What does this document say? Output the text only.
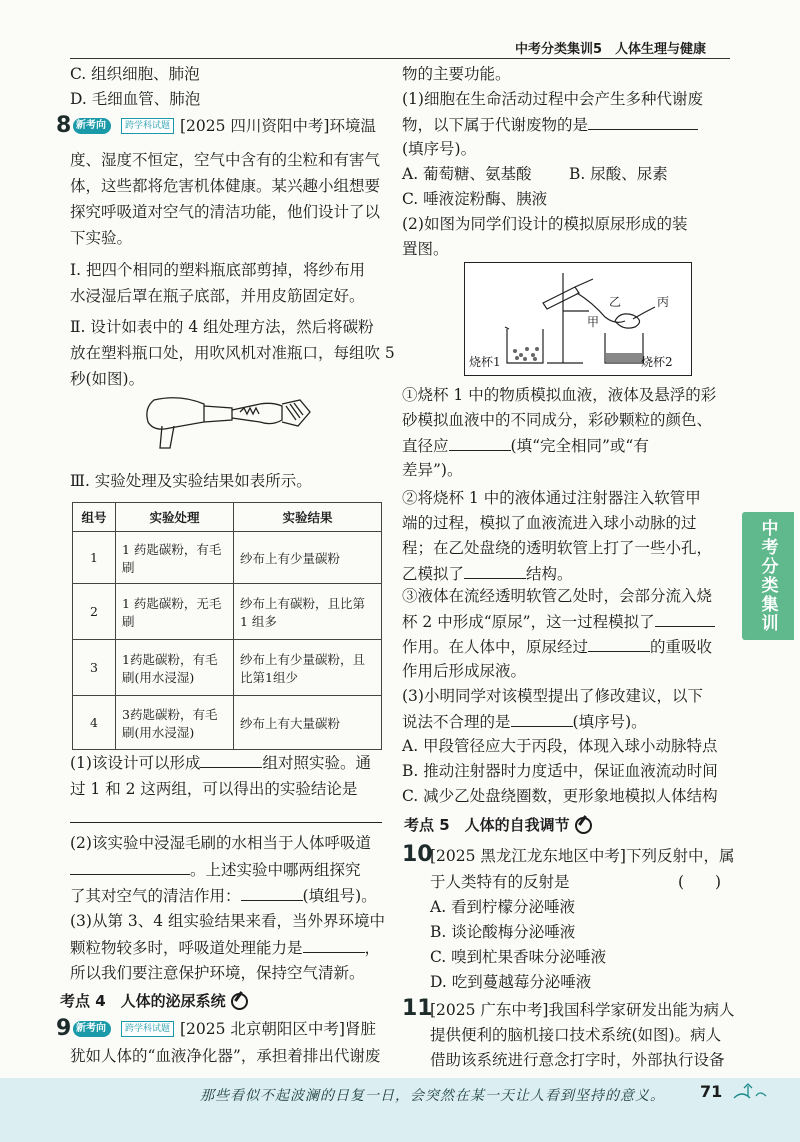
中考分类集训5　人体生理与健康
C. 组织细胞、肺泡
D. 毛细血管、肺泡
8 新考向	跨学科试题 [2025 四川资阳中考]环境温
度、湿度不恒定，空气中含有的尘粒和有害气
体，这些都将危害机体健康。某兴趣小组想要
探究呼吸道对空气的清洁功能，他们设计了以
下实验。
Ⅰ. 把四个相同的塑料瓶底部剪掉，将纱布用
水浸湿后罩在瓶子底部，并用皮筋固定好。
Ⅱ. 设计如表中的 4 组处理方法，然后将碳粉
放在塑料瓶口处，用吹风机对准瓶口，每组吹 5
秒(如图)。
Ⅲ. 实验处理及实验结果如表所示。
组号	实验处理	实验结果
1	1 药匙碳粉，有毛刷	纱布上有少量碳粉
2	1 药匙碳粉，无毛刷	纱布上有碳粉，且比第 1 组多
3	1药匙碳粉，有毛刷(用水浸湿)	纱布上有少量碳粉，且比第1组少
4	3药匙碳粉，有毛刷(用水浸湿)	纱布上有大量碳粉
(1)该设计可以形成	组对照实验。通
过 1 和 2 这两组，可以得出的实验结论是
(2)该实验中浸湿毛刷的水相当于人体呼吸道
。上述实验中哪两组探究
了其对空气的清洁作用：	(填组号)。
(3)从第 3、4 组实验结果来看，当外界环境中
颗粒物较多时，呼吸道处理能力是	，
所以我们要注意保护环境，保持空气清新。
考点 4　人体的泌尿系统
9 新考向	跨学科试题 [2025 北京朝阳区中考]肾脏
犹如人体的“血液净化器”，承担着排出代谢废
物的主要功能。
(1)细胞在生命活动过程中会产生多种代谢废
物，以下属于代谢废物的是
(填序号)。
A. 葡萄糖、氨基酸 B. 尿酸、尿素
C. 唾液淀粉酶、胰液
(2)如图为同学们设计的模拟原尿形成的装
置图。
烧杯1	烧杯2
甲
乙	丙
①烧杯 1 中的物质模拟血液，液体及悬浮的彩
砂模拟血液中的不同成分，彩砂颗粒的颜色、
直径应	(填“完全相同”或“有
差异”)。
②将烧杯 1 中的液体通过注射器注入软管甲
端的过程，模拟了血液流进入球小动脉的过
程；在乙处盘绕的透明软管上打了一些小孔，
乙模拟了	结构。
③液体在流经透明软管乙处时，会部分流入烧
杯 2 中形成“原尿”，这一过程模拟了
作用。在人体中，原尿经过	的重吸收
作用后形成尿液。
(3)小明同学对该模型提出了修改建议，以下
说法不合理的是	(填序号)。
A. 甲段管径应大于丙段，体现入球小动脉特点
B. 推动注射器时力度适中，保证血液流动时间
C. 减少乙处盘绕圈数，更形象地模拟人体结构
考点 5　人体的自我调节
10
[2025 黑龙江龙东地区中考]下列反射中，属
于人类特有的反射是	(　　)
A. 看到柠檬分泌唾液
B. 谈论酸梅分泌唾液
C. 嗅到杧果香味分泌唾液
D. 吃到蔓越莓分泌唾液
11
[2025 广东中考]我国科学家研发出能为病人
提供便利的脑机接口技术系统(如图)。病人
借助该系统进行意念打字时，外部执行设备
中考分类集训
那些看似不起波澜的日复一日，会突然在某一天让人看到坚持的意义。 71
